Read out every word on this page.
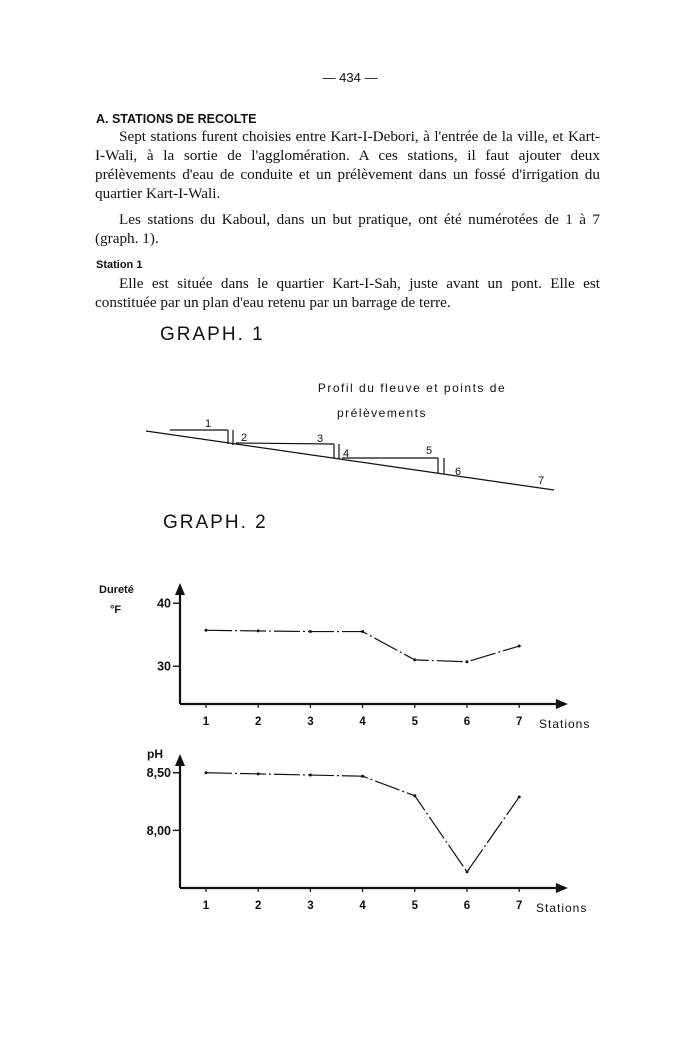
— 434 —
A. STATIONS DE RECOLTE

Sept stations furent choisies entre Kart-I-Debori, à l'entrée de la ville, et Kart-I-Wali, à la sortie de l'agglomération. A ces stations, il faut ajouter deux prélèvements d'eau de conduite et un prélèvement dans un fossé d'irrigation du quartier Kart-I-Wali.

Les stations du Kaboul, dans un but pratique, ont été numérotées de 1 à 7 (graph. 1).

Station 1

Elle est située dans le quartier Kart-I-Sah, juste avant un pont. Elle est constituée par un plan d'eau retenu par un barrage de terre.

GRAPH. 1
Profil du fleuve et points de
prélèvements
1
2	3
4	5
6
7
GRAPH. 2
Dureté
°F	40
30
1	2	3	4	5	6	7 Stations
pH
8,50
8,00
1	2	3	4	5	6	7 Stations
